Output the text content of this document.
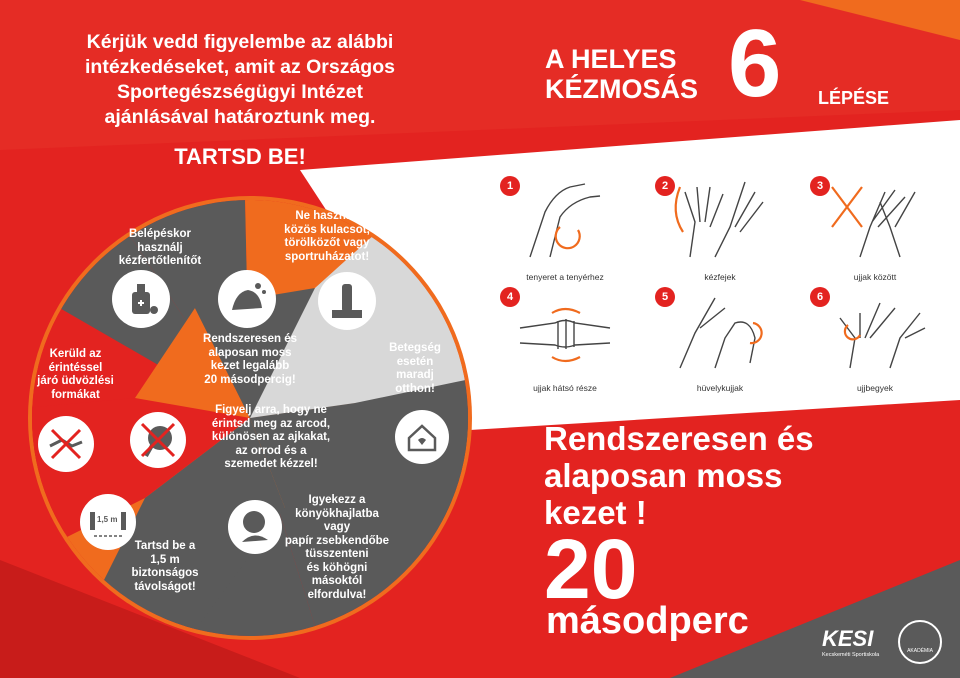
Kérjük vedd figyelembe az alábbi
intézkedéseket, amit az Országos
Sportegészségügyi Intézet
ajánlásával határoztunk meg.
TARTSD BE!
A HELYES
KÉZMOSÁS 6 LÉPÉSE
1
tenyeret a tenyérhez
2
kézfejek
3
ujjak között
4
ujjak hátsó része
5
hüvelykujjak
6
ujjbegyek
Rendszeresen és
alaposan moss
kezet !
20
másodperc
Belépéskor
használj
kézfertőtlenítőt
Ne használj
közös kulacsot,
törölközőt vagy
sportruházatot!
Rendszeresen és
alaposan moss
kezet legalább
20 másodpercig!
Betegség
esetén
maradj
otthon!
Kerüld az
érintéssel
járó üdvözlési
formákat
Figyelj arra, hogy ne
érintsd meg az arcod,
különösen az ajkakat,
az orrod és a
szemedet kézzel!
Igyekezz a
könyökhajlatba vagy
papír zsebkendőbe
tüsszenteni
és köhögni
másoktól
elfordulva!
1,5 m
Tartsd be a
1,5 m
biztonságos
távolságot!
KESI
Kecskeméti Sportiskola
AKADÉMIA
